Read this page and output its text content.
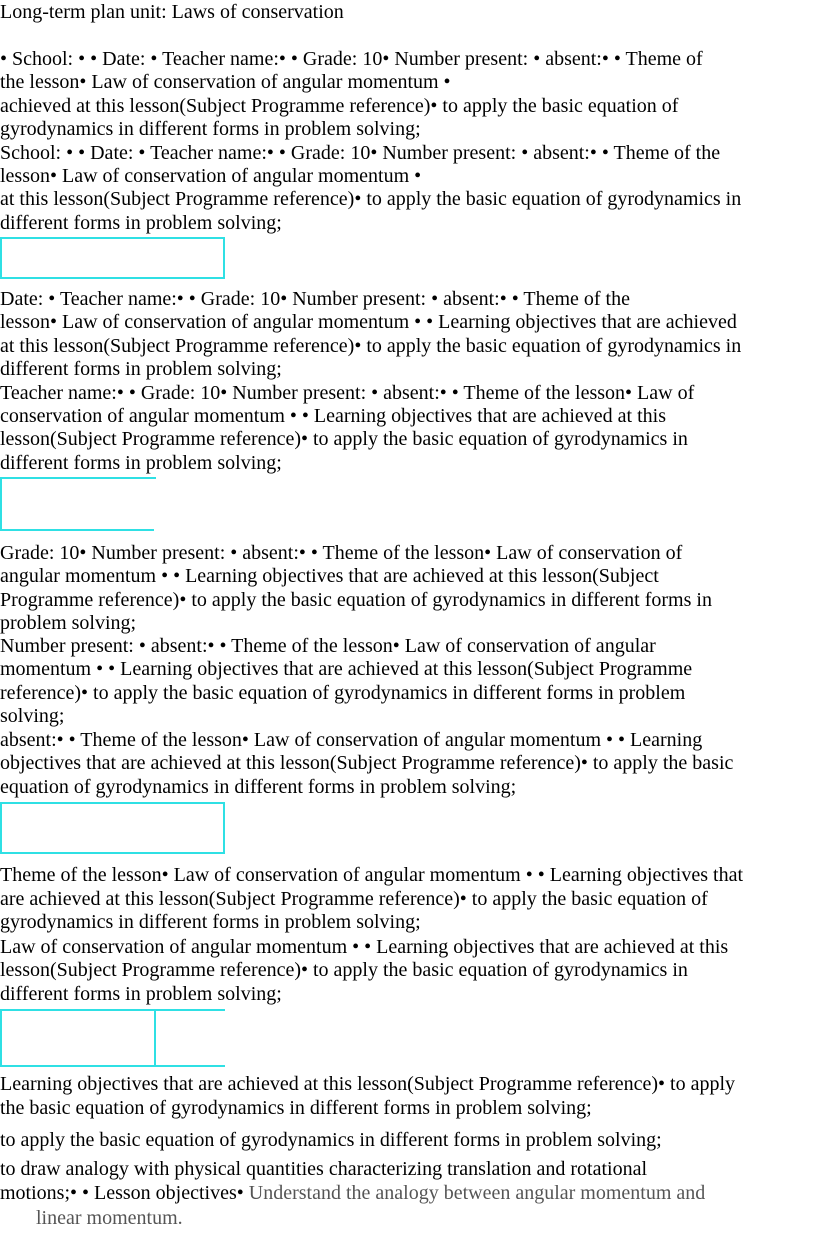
Long-term plan unit: Laws of conservation
• School: • • Date: • Teacher name:• • Grade: 10• Number present: • absent:• • Theme of
the lesson• Law of conservation of angular momentum •
achieved at this lesson(Subject Programme reference)• to apply the basic equation of
gyrodynamics in different forms in problem solving;
School: • • Date: • Teacher name:• • Grade: 10• Number present: • absent:• • Theme of the
lesson• Law of conservation of angular momentum •
at this lesson(Subject Programme reference)• to apply the basic equation of gyrodynamics in
different forms in problem solving;
Date: • Teacher name:• • Grade: 10• Number present: • absent:• • Theme of the
lesson• Law of conservation of angular momentum • • Learning objectives that are achieved
at this lesson(Subject Programme reference)• to apply the basic equation of gyrodynamics in
different forms in problem solving;
Teacher name:• • Grade: 10• Number present: • absent:• • Theme of the lesson• Law of
conservation of angular momentum • • Learning objectives that are achieved at this
lesson(Subject Programme reference)• to apply the basic equation of gyrodynamics in
different forms in problem solving;
Grade: 10• Number present: • absent:• • Theme of the lesson• Law of conservation of
angular momentum • • Learning objectives that are achieved at this lesson(Subject
Programme reference)• to apply the basic equation of gyrodynamics in different forms in
problem solving;
Number present: • absent:• • Theme of the lesson• Law of conservation of angular
momentum • • Learning objectives that are achieved at this lesson(Subject Programme
reference)• to apply the basic equation of gyrodynamics in different forms in problem
solving;
absent:• • Theme of the lesson• Law of conservation of angular momentum • • Learning
objectives that are achieved at this lesson(Subject Programme reference)• to apply the basic
equation of gyrodynamics in different forms in problem solving;
Theme of the lesson• Law of conservation of angular momentum • • Learning objectives that
are achieved at this lesson(Subject Programme reference)• to apply the basic equation of
gyrodynamics in different forms in problem solving;
Law of conservation of angular momentum • • Learning objectives that are achieved at this
lesson(Subject Programme reference)• to apply the basic equation of gyrodynamics in
different forms in problem solving;
Learning objectives that are achieved at this lesson(Subject Programme reference)• to apply
the basic equation of gyrodynamics in different forms in problem solving;
to apply the basic equation of gyrodynamics in different forms in problem solving;
to draw analogy with physical quantities characterizing translation and rotational
motions;• • Lesson objectives• Understand the analogy between angular momentum and
linear momentum.
